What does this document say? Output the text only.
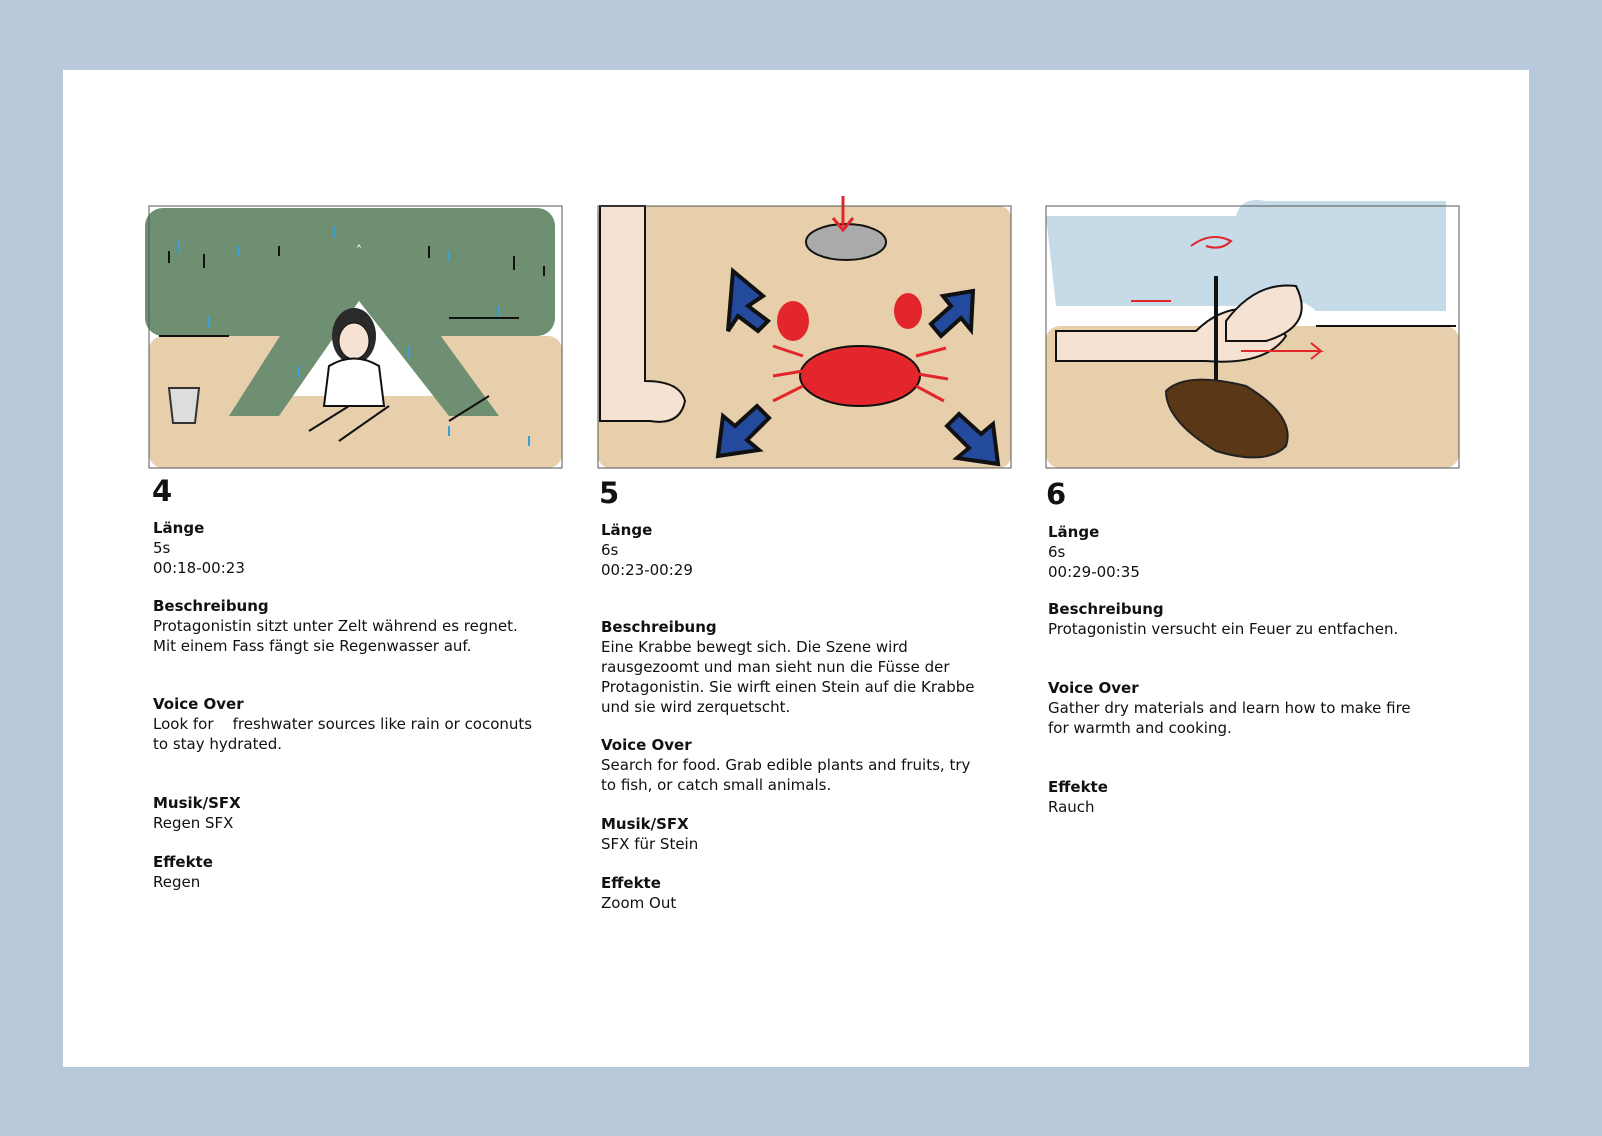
4
Länge
5s
00:18-00:23
Beschreibung
Protagonistin sitzt unter Zelt während es regnet.
Mit einem Fass fängt sie Regenwasser auf.
Voice Over
Look for    freshwater sources like rain or coconuts
to stay hydrated.
Musik/SFX
Regen SFX
Effekte
Regen
5
Länge
6s
00:23-00:29
Beschreibung
Eine Krabbe bewegt sich. Die Szene wird
rausgezoomt und man sieht nun die Füsse der
Protagonistin. Sie wirft einen Stein auf die Krabbe
und sie wird zerquetscht.
Voice Over
Search for food. Grab edible plants and fruits, try
to fish, or catch small animals.
Musik/SFX
SFX für Stein
Effekte
Zoom Out
6
Länge
6s
00:29-00:35
Beschreibung
Protagonistin versucht ein Feuer zu entfachen.
Voice Over
Gather dry materials and learn how to make fire
for warmth and cooking.
Effekte
Rauch
